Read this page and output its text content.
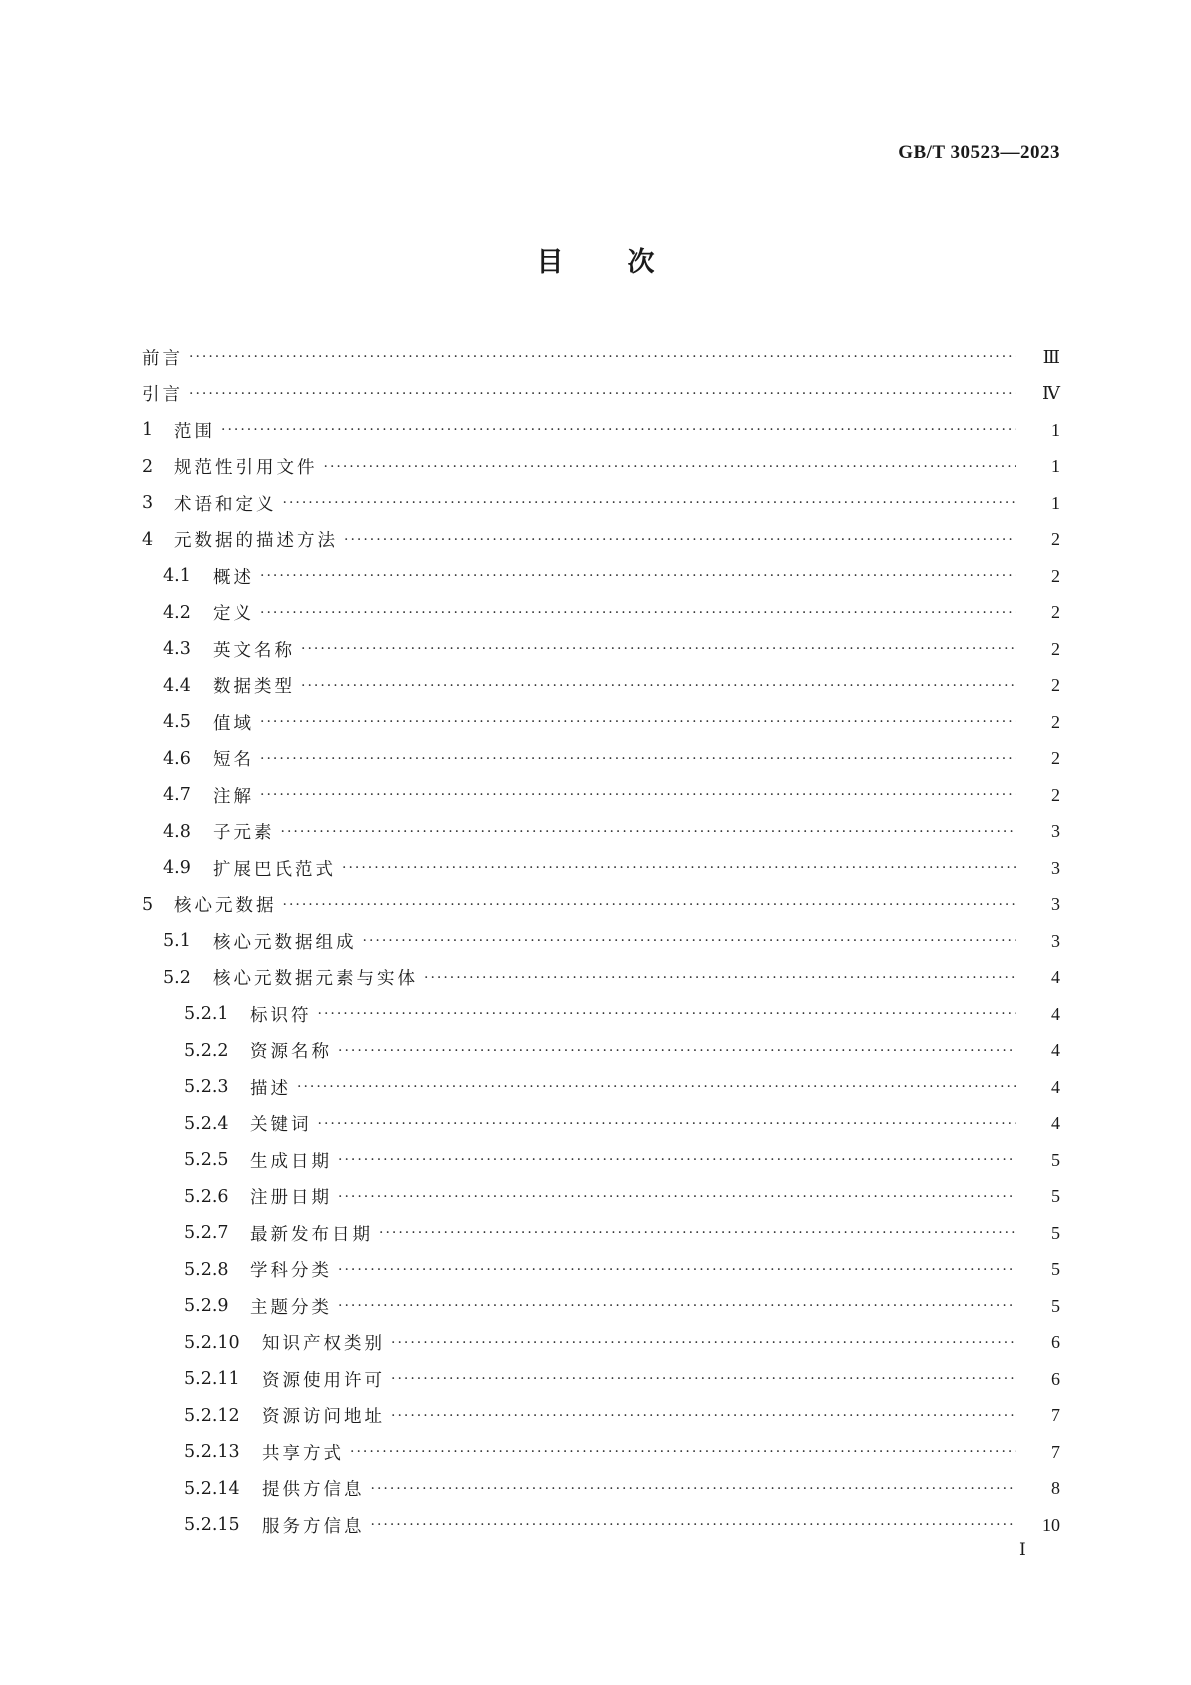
GB/T 30523—2023
目次
前言 ·····	Ⅲ
引言 ·····	Ⅳ
1	范围 ·····	1
2	规范性引用文件 ·····	1
3	术语和定义 ·····	1
4	元数据的描述方法 ·····	2
4.1	概述 ·····	2
4.2	定义 ·····	2
4.3	英文名称 ·····	2
4.4	数据类型 ·····	2
4.5	值域 ·····	2
4.6	短名 ·····	2
4.7	注解 ·····	2
4.8	子元素 ·····	3
4.9	扩展巴氏范式 ·····	3
5	核心元数据 ·····	3
5.1	核心元数据组成 ·····	3
5.2	核心元数据元素与实体 ·····	4
5.2.1	标识符 ·····	4
5.2.2	资源名称 ·····	4
5.2.3	描述 ·····	4
5.2.4	关键词 ·····	4
5.2.5	生成日期 ·····	5
5.2.6	注册日期 ·····	5
5.2.7	最新发布日期 ·····	5
5.2.8	学科分类 ·····	5
5.2.9	主题分类 ·····	5
5.2.10	知识产权类别 ·····	6
5.2.11	资源使用许可 ·····	6
5.2.12	资源访问地址 ·····	7
5.2.13	共享方式 ·····	7
5.2.14	提供方信息 ·····	8
5.2.15	服务方信息 ·····	10
Ⅰ
